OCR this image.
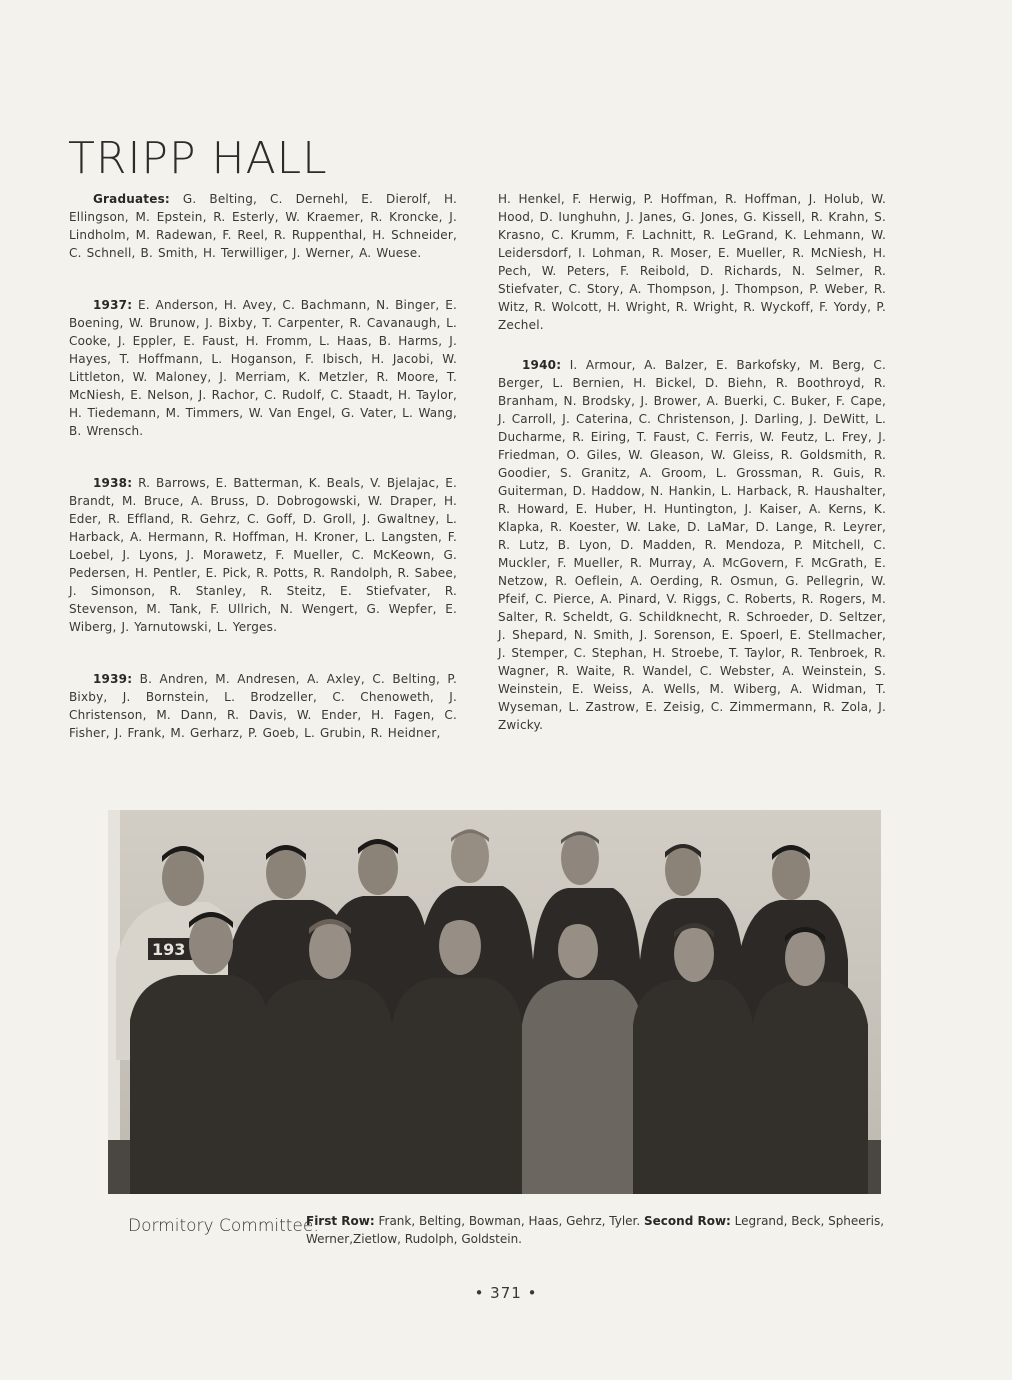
TRIPP HALL

Graduates: G. Belting, C. Dernehl, E. Dierolf, H. Ellingson, M. Epstein, R. Esterly, W. Kraemer, R. Kroncke, J. Lindholm, M. Radewan, F. Reel, R. Ruppenthal, H. Schneider, C. Schnell, B. Smith, H. Terwilliger, J. Werner, A. Wuese.

1937: E. Anderson, H. Avey, C. Bachmann, N. Binger, E. Boening, W. Brunow, J. Bixby, T. Carpenter, R. Cavanaugh, L. Cooke, J. Eppler, E. Faust, H. Fromm, L. Haas, B. Harms, J. Hayes, T. Hoffmann, L. Hoganson, F. Ibisch, H. Jacobi, W. Littleton, W. Maloney, J. Merriam, K. Metzler, R. Moore, T. McNiesh, E. Nelson, J. Rachor, C. Rudolf, C. Staadt, H. Taylor, H. Tiedemann, M. Timmers, W. Van Engel, G. Vater, L. Wang, B. Wrensch.

1938: R. Barrows, E. Batterman, K. Beals, V. Bjelajac, E. Brandt, M. Bruce, A. Bruss, D. Dobrogowski, W. Draper, H. Eder, R. Effland, R. Gehrz, C. Goff, D. Groll, J. Gwaltney, L. Harback, A. Hermann, R. Hoffman, H. Kroner, L. Langsten, F. Loebel, J. Lyons, J. Morawetz, F. Mueller, C. McKeown, G. Pedersen, H. Pentler, E. Pick, R. Potts, R. Randolph, R. Sabee, J. Simonson, R. Stanley, R. Steitz, E. Stiefvater, R. Stevenson, M. Tank, F. Ullrich, N. Wengert, G. Wepfer, E. Wiberg, J. Yarnutowski, L. Yerges.

1939: B. Andren, M. Andresen, A. Axley, C. Belting, P. Bixby, J. Bornstein, L. Brodzeller, C. Chenoweth, J. Christenson, M. Dann, R. Davis, W. Ender, H. Fagen, C. Fisher, J. Frank, M. Gerharz, P. Goeb, L. Grubin, R. Heidner,

H. Henkel, F. Herwig, P. Hoffman, R. Hoffman, J. Holub, W. Hood, D. Iunghuhn, J. Janes, G. Jones, G. Kissell, R. Krahn, S. Krasno, C. Krumm, F. Lachnitt, R. LeGrand, K. Lehmann, W. Leidersdorf, I. Lohman, R. Moser, E. Mueller, R. McNiesh, H. Pech, W. Peters, F. Reibold, D. Richards, N. Selmer, R. Stiefvater, C. Story, A. Thompson, J. Thompson, P. Weber, R. Witz, R. Wolcott, H. Wright, R. Wright, R. Wyckoff, F. Yordy, P. Zechel.

1940: I. Armour, A. Balzer, E. Barkofsky, M. Berg, C. Berger, L. Bernien, H. Bickel, D. Biehn, R. Boothroyd, R. Branham, N. Brodsky, J. Brower, A. Buerki, C. Buker, F. Cape, J. Carroll, J. Caterina, C. Christenson, J. Darling, J. DeWitt, L. Ducharme, R. Eiring, T. Faust, C. Ferris, W. Feutz, L. Frey, J. Friedman, O. Giles, W. Gleason, W. Gleiss, R. Goldsmith, R. Goodier, S. Granitz, A. Groom, L. Grossman, R. Guis, R. Guiterman, D. Haddow, N. Hankin, L. Harback, R. Haushalter, R. Howard, E. Huber, H. Huntington, J. Kaiser, A. Kerns, K. Klapka, R. Koester, W. Lake, D. LaMar, D. Lange, R. Leyrer, R. Lutz, B. Lyon, D. Madden, R. Mendoza, P. Mitchell, C. Muckler, F. Mueller, R. Murray, A. McGovern, F. McGrath, E. Netzow, R. Oeflein, A. Oerding, R. Osmun, G. Pellegrin, W. Pfeif, C. Pierce, A. Pinard, V. Riggs, C. Roberts, R. Rogers, M. Salter, R. Scheldt, G. Schildknecht, R. Schroeder, D. Seltzer, J. Shepard, N. Smith, J. Sorenson, E. Spoerl, E. Stellmacher, J. Stemper, C. Stephan, H. Stroebe, T. Taylor, R. Tenbroek, R. Wagner, R. Waite, R. Wandel, C. Webster, A. Weinstein, S. Weinstein, E. Weiss, A. Wells, M. Wiberg, A. Widman, T. Wyseman, L. Zastrow, E. Zeisig, C. Zimmermann, R. Zola, J. Zwicky.

193
Dormitory Committee:
First Row: Frank, Belting, Bowman, Haas, Gehrz, Tyler. Second Row: Legrand, Beck, Spheeris, Werner,Zietlow, Rudolph, Goldstein.
• 371 •
